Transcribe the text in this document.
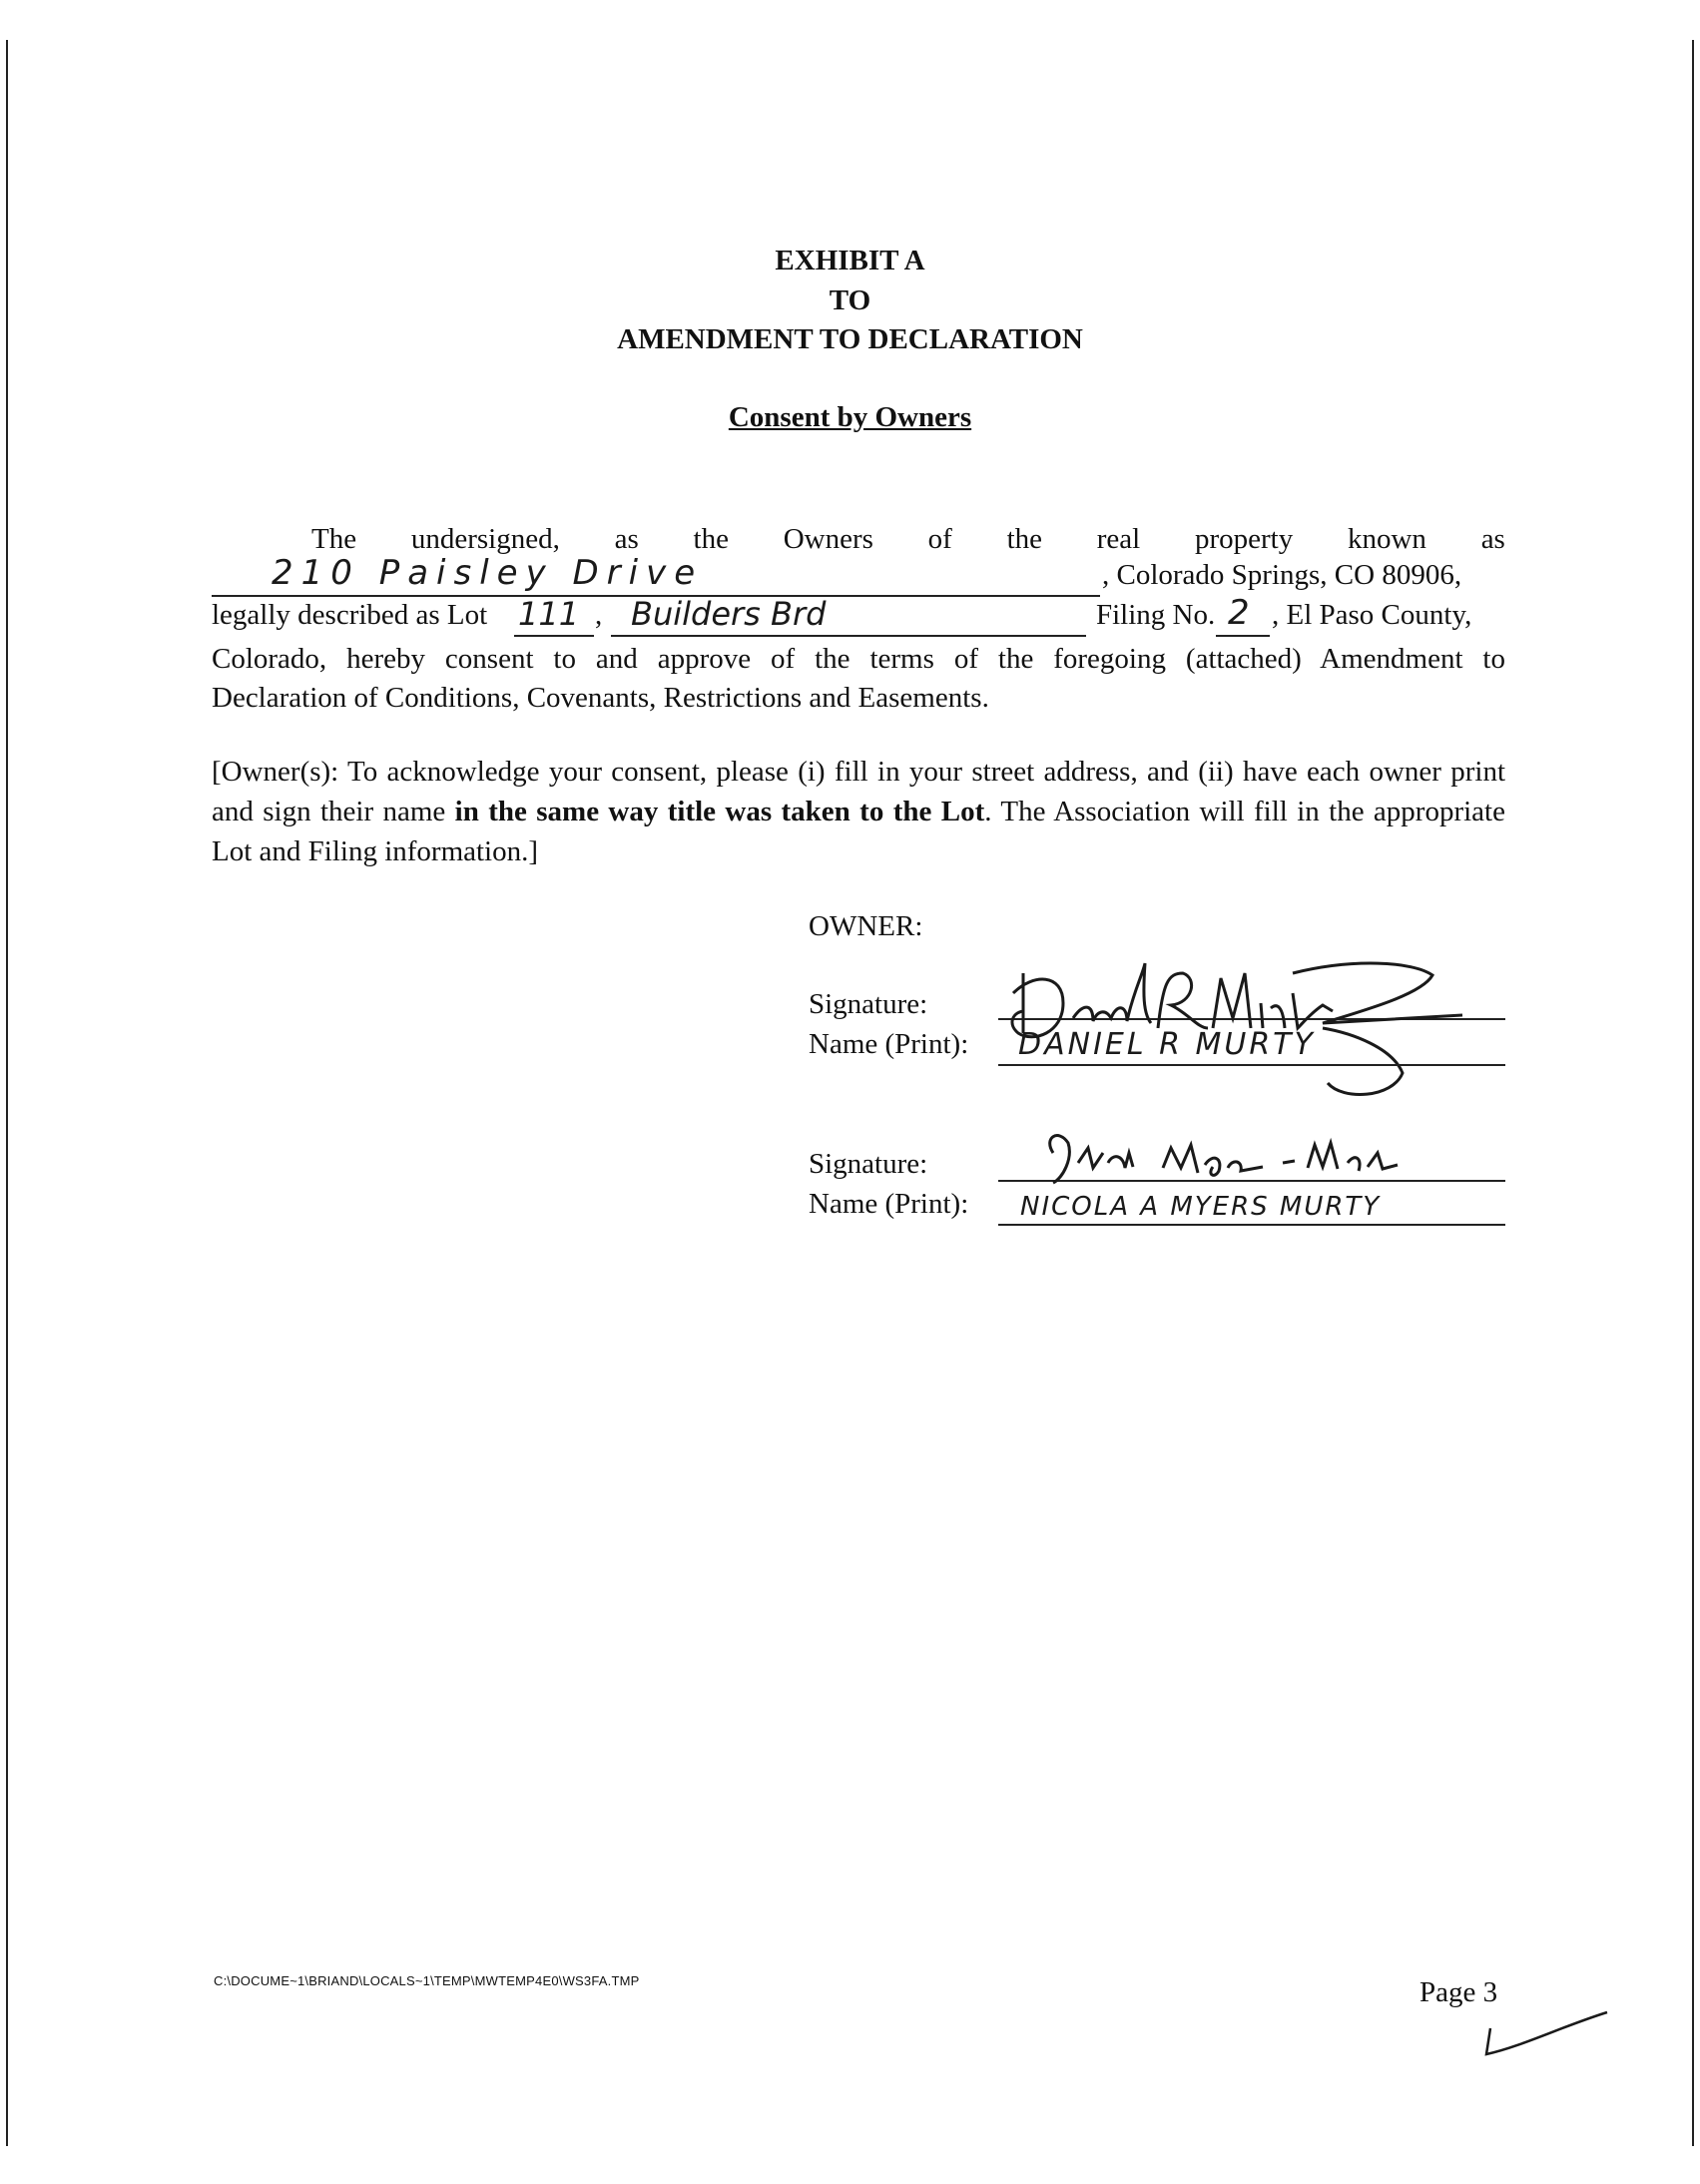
EXHIBIT A
TO
AMENDMENT TO DECLARATION
Consent by Owners
The undersigned, as the Owners of the real property known as
210 Paisley Drive	, Colorado Springs, CO 80906,
legally described as Lot 111 , Builders Brd	Filing No. 2 , El Paso County,
Colorado, hereby consent to and approve of the terms of the foregoing (attached) Amendment to
Declaration of Conditions, Covenants, Restrictions and Easements.
[Owner(s): To acknowledge your consent, please (i) fill in your street address, and (ii) have each owner print and sign their name in the same way title was taken to the Lot. The Association will fill in the appropriate Lot and Filing information.]
OWNER:
Signature:
Name (Print): DANIEL R MURTY
Signature:
Name (Print): NICOLA A MYERS MURTY
C:\DOCUME~1\BRIAND\LOCALS~1\TEMP\MWTEMP4E0\WS3FA.TMP	Page 3
